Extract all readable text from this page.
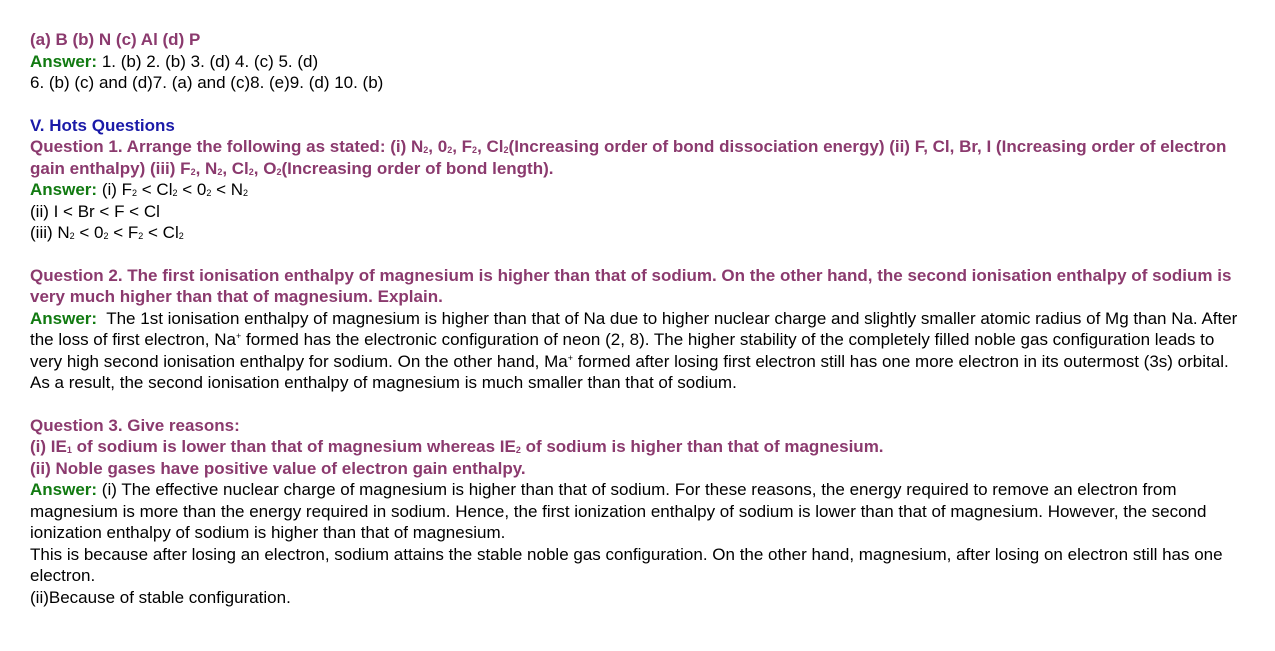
(a) B (b) N (c) Al (d) P

Answer: 1. (b) 2. (b) 3. (d) 4. (c) 5. (d)

6. (b) (c) and (d)7. (a) and (c)8. (e)9. (d) 10. (b)

V. Hots Questions

Question 1. Arrange the following as stated: (i) $N_2$, $0_2$, $F_2$, $Cl_2(Increasing$ order of bond dissociation energy) (ii) F, Cl, Br, I (Increasing order of electron gain enthalpy) (iii) $F_2$, $N_2$, $Cl_2$, $O_2(Increasing$ order of bond length).

Answer: (i) $F_2 < Cl_2 < 0_2 < N_2$

(ii) I < Br < F < Cl

(iii) $N_2 < 0_2 < F_2 < Cl_2$

Question 2. The first ionisation enthalpy of magnesium is higher than that of sodium. On the other hand, the second ionisation enthalpy of sodium is very much higher than that of magnesium. Explain.

Answer:  The 1st ionisation enthalpy of magnesium is higher than that of Na due to higher nuclear charge and slightly smaller atomic radius of Mg than Na. After the loss of first electron, Na+ formed has the electronic configuration of neon (2, 8). The higher stability of the completely filled noble gas configuration leads to very high second ionisation enthalpy for sodium. On the other hand, Ma+ formed after losing first electron still has one more electron in its outermost (3s) orbital. As a result, the second ionisation enthalpy of magnesium is much smaller than that of sodium.

Question 3. Give reasons:

(i) $IE_1$ of sodium is lower than that of magnesium whereas $IE_2$ of sodium is higher than that of magnesium.

(ii) Noble gases have positive value of electron gain enthalpy.

Answer: (i) The effective nuclear charge of magnesium is higher than that of sodium. For these reasons, the energy required to remove an electron from magnesium is more than the energy required in sodium. Hence, the first ionization enthalpy of sodium is lower than that of magnesium. However, the second ionization enthalpy of sodium is higher than that of magnesium.

This is because after losing an electron, sodium attains the stable noble gas configuration. On the other hand, magnesium, after losing on electron still has one electron.

(ii)Because of stable configuration.
